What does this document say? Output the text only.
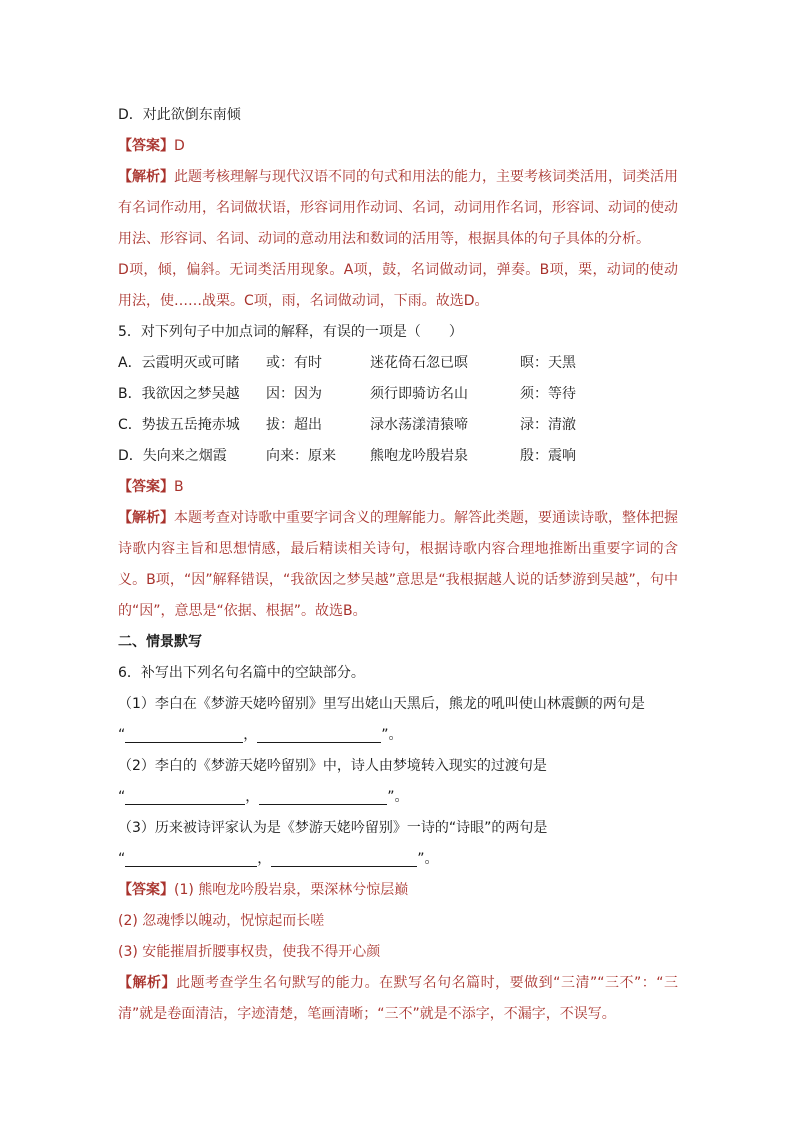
D．对此欲倒东南倾

【答案】D

【解析】此题考核理解与现代汉语不同的句式和用法的能力，主要考核词类活用，词类活用有名词作动用，名词做状语，形容词用作动词、名词，动词用作名词，形容词、动词的使动用法、形容词、名词、动词的意动用法和数词的活用等，根据具体的句子具体的分析。

D项，倾，偏斜。无词类活用现象。A项，鼓，名词做动词，弹奏。B项，栗，动词的使动用法，使……战栗。C项，雨，名词做动词，下雨。故选D。

5．对下列句子中加点词的解释，有误的一项是（　　）

A．云霞明灭或可睹 或：有时	迷花倚石忽已暝	暝：天黑

B．我欲因之梦吴越 因：因为	须行即骑访名山	须：等待

C．势拔五岳掩赤城 拔：超出	渌水荡漾清猿啼	渌：清澈

D．失向来之烟霞	向来：原来 熊咆龙吟殷岩泉	殷：震响

【答案】B

【解析】本题考查对诗歌中重要字词含义的理解能力。解答此类题，要通读诗歌，整体把握诗歌内容主旨和思想情感，最后精读相关诗句，根据诗歌内容合理地推断出重要字词的含义。B项，“因”解释错误，“我欲因之梦吴越”意思是“我根据越人说的话梦游到吴越”，句中的“因”，意思是“依据、根据”。故选B。

二、情景默写

6．补写出下列名句名篇中的空缺部分。

（1）李白在《梦游天姥吟留别》里写出姥山天黑后，熊龙的吼叫使山林震颤的两句是

“	，	”。

（2）李白的《梦游天姥吟留别》中，诗人由梦境转入现实的过渡句是

“	，	”。

（3）历来被诗评家认为是《梦游天姥吟留别》一诗的“诗眼”的两句是

“	，	”。

【答案】(1) 熊咆龙吟殷岩泉，栗深林兮惊层巅

(2) 忽魂悸以魄动，怳惊起而长嗟

(3) 安能摧眉折腰事权贵，使我不得开心颜

【解析】此题考查学生名句默写的能力。在默写名句名篇时，要做到“三清”“三不”：“三清”就是卷面清洁，字迹清楚，笔画清晰；“三不”就是不添字，不漏字，不误写。
